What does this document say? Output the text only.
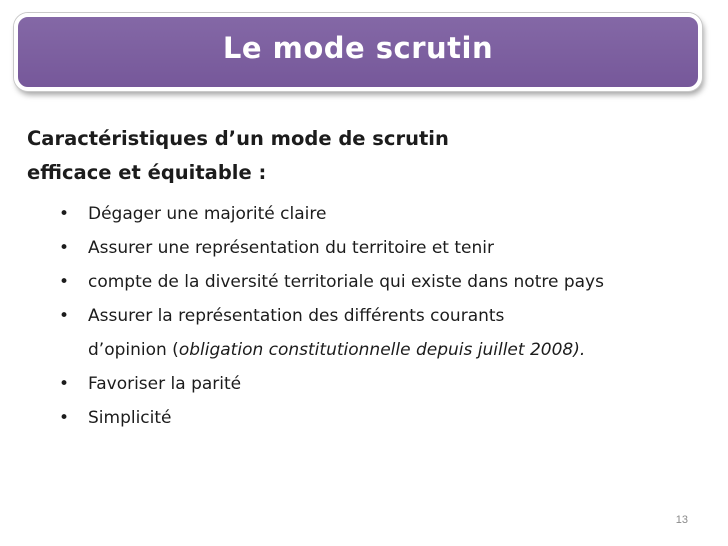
Le mode scrutin
Caractéristiques d’un mode de scrutin
efficace et équitable :
• Dégager une majorité claire
• Assurer une représentation du territoire et tenir
• compte de la diversité territoriale qui existe dans notre pays
• Assurer la représentation des différents courants
d’opinion (obligation constitutionnelle depuis juillet 2008).
• Favoriser la parité
• Simplicité
13
